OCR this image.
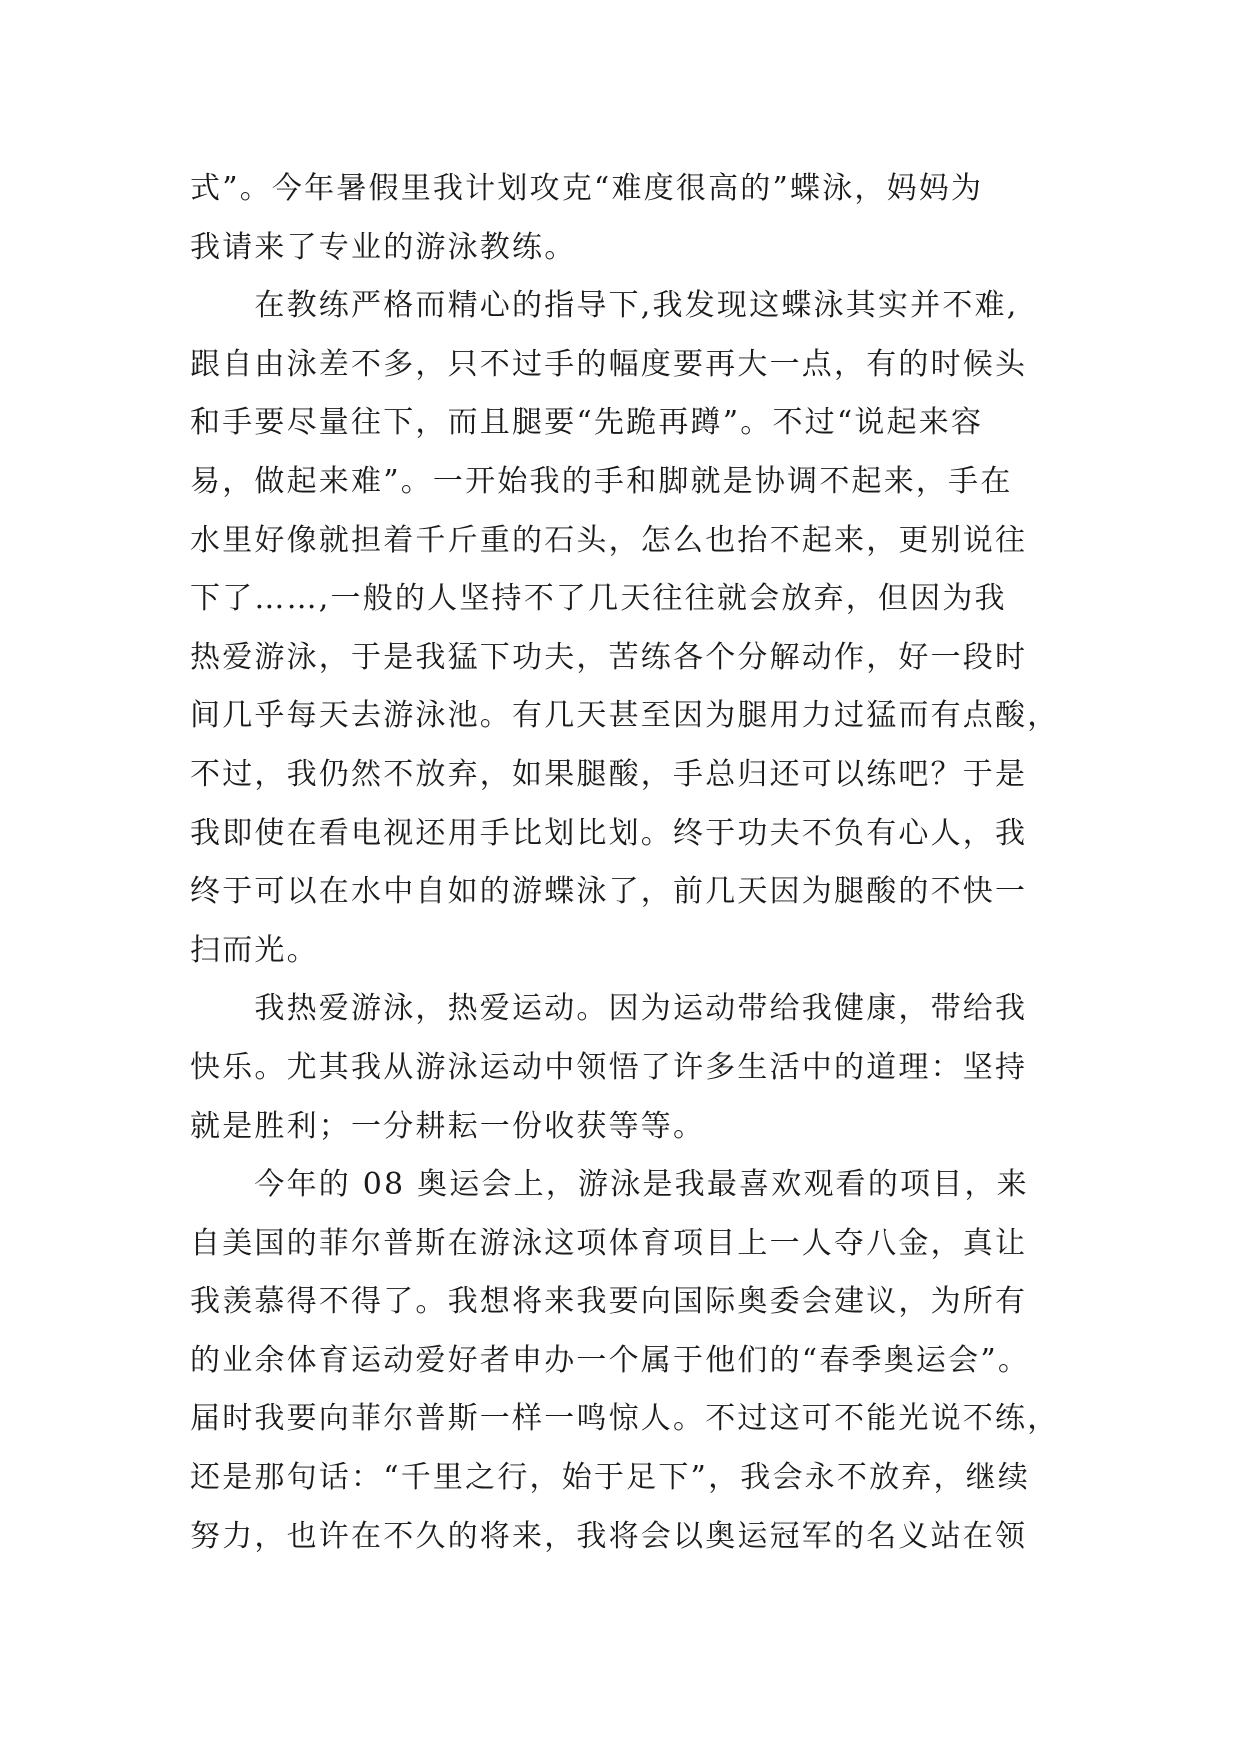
式”。今年暑假里我计划攻克“难度很高的”蝶泳，妈妈为
我请来了专业的游泳教练。
　　在教练严格而精心的指导下,我发现这蝶泳其实并不难,
跟自由泳差不多，只不过手的幅度要再大一点，有的时候头
和手要尽量往下，而且腿要“先跪再蹲”。不过“说起来容
易，做起来难”。一开始我的手和脚就是协调不起来，手在
水里好像就担着千斤重的石头，怎么也抬不起来，更别说往
下了……,一般的人坚持不了几天往往就会放弃，但因为我
热爱游泳，于是我猛下功夫，苦练各个分解动作，好一段时
间几乎每天去游泳池。有几天甚至因为腿用力过猛而有点酸，
不过，我仍然不放弃，如果腿酸，手总归还可以练吧？于是
我即使在看电视还用手比划比划。终于功夫不负有心人，我
终于可以在水中自如的游蝶泳了，前几天因为腿酸的不快一
扫而光。
　　我热爱游泳，热爱运动。因为运动带给我健康，带给我
快乐。尤其我从游泳运动中领悟了许多生活中的道理：坚持
就是胜利；一分耕耘一份收获等等。
　　今年的 08 奥运会上，游泳是我最喜欢观看的项目，来
自美国的菲尔普斯在游泳这项体育项目上一人夺八金，真让
我羡慕得不得了。我想将来我要向国际奥委会建议，为所有
的业余体育运动爱好者申办一个属于他们的“春季奥运会”。
届时我要向菲尔普斯一样一鸣惊人。不过这可不能光说不练，
还是那句话：“千里之行，始于足下”，我会永不放弃，继续
努力，也许在不久的将来，我将会以奥运冠军的名义站在领
